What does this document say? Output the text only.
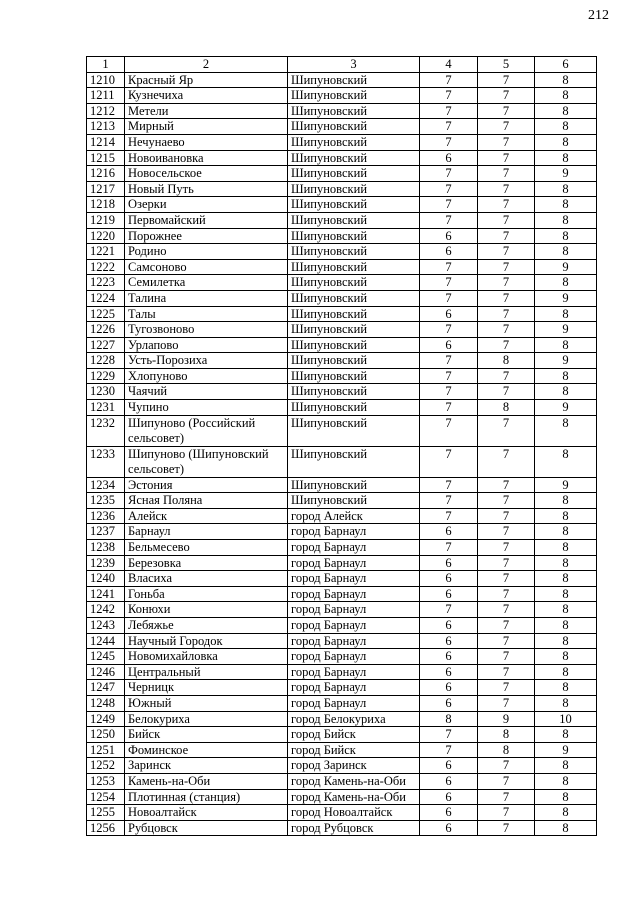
212
1	2	3	4	5	6
1210	Красный Яр	Шипуновский	7	7	8
1211	Кузнечиха	Шипуновский	7	7	8
1212	Метели	Шипуновский	7	7	8
1213	Мирный	Шипуновский	7	7	8
1214	Нечунаево	Шипуновский	7	7	8
1215	Новоивановка	Шипуновский	6	7	8
1216	Новосельское	Шипуновский	7	7	9
1217	Новый Путь	Шипуновский	7	7	8
1218	Озерки	Шипуновский	7	7	8
1219	Первомайский	Шипуновский	7	7	8
1220	Порожнее	Шипуновский	6	7	8
1221	Родино	Шипуновский	6	7	8
1222	Самсоново	Шипуновский	7	7	9
1223	Семилетка	Шипуновский	7	7	8
1224	Талина	Шипуновский	7	7	9
1225	Талы	Шипуновский	6	7	8
1226	Тугозвоново	Шипуновский	7	7	9
1227	Урлапово	Шипуновский	6	7	8
1228	Усть-Порозиха	Шипуновский	7	8	9
1229	Хлопуново	Шипуновский	7	7	8
1230	Чаячий	Шипуновский	7	7	8
1231	Чупино	Шипуновский	7	8	9
1232	Шипуново (Российский сельсовет)	Шипуновский	7	7	8
1233	Шипуново (Шипуновский сельсовет)	Шипуновский	7	7	8
1234	Эстония	Шипуновский	7	7	9
1235	Ясная Поляна	Шипуновский	7	7	8
1236	Алейск	город Алейск	7	7	8
1237	Барнаул	город Барнаул	6	7	8
1238	Бельмесево	город Барнаул	7	7	8
1239	Березовка	город Барнаул	6	7	8
1240	Власиха	город Барнаул	6	7	8
1241	Гоньба	город Барнаул	6	7	8
1242	Конюхи	город Барнаул	7	7	8
1243	Лебяжье	город Барнаул	6	7	8
1244	Научный Городок	город Барнаул	6	7	8
1245	Новомихайловка	город Барнаул	6	7	8
1246	Центральный	город Барнаул	6	7	8
1247	Черницк	город Барнаул	6	7	8
1248	Южный	город Барнаул	6	7	8
1249	Белокуриха	город Белокуриха	8	9	10
1250	Бийск	город Бийск	7	8	8
1251	Фоминское	город Бийск	7	8	9
1252	Заринск	город Заринск	6	7	8
1253	Камень-на-Оби	город Камень-на-Оби	6	7	8
1254	Плотинная (станция)	город Камень-на-Оби	6	7	8
1255	Новоалтайск	город Новоалтайск	6	7	8
1256	Рубцовск	город Рубцовск	6	7	8
